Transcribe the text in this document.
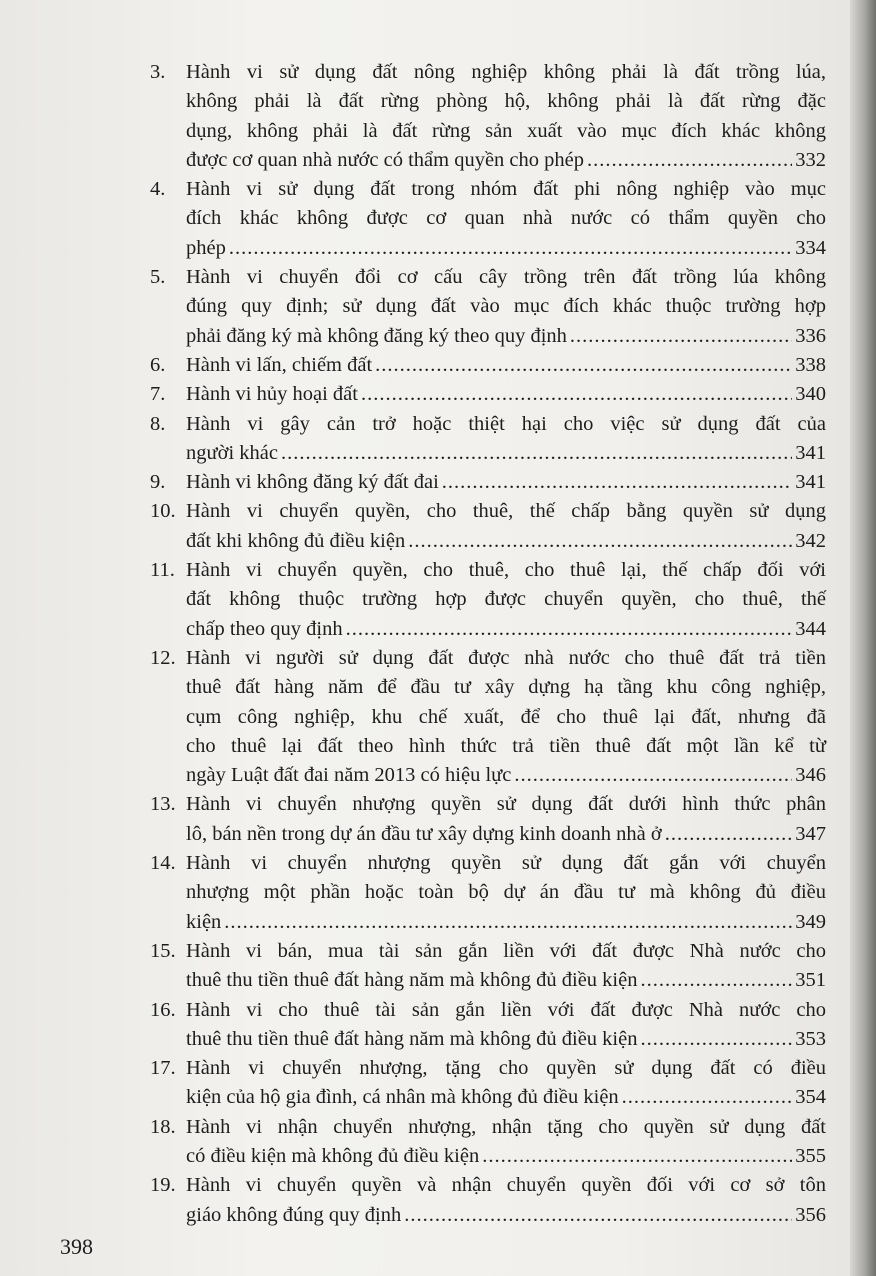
3. Hành vi sử dụng đất nông nghiệp không phải là đất trồng lúa,
không phải là đất rừng phòng hộ, không phải là đất rừng đặc
dụng, không phải là đất rừng sản xuất vào mục đích khác không
được cơ quan nhà nước có thẩm quyền cho phép .....	332
4. Hành vi sử dụng đất trong nhóm đất phi nông nghiệp vào mục
đích khác không được cơ quan nhà nước có thẩm quyền cho
phép .....	334
5. Hành vi chuyển đổi cơ cấu cây trồng trên đất trồng lúa không
đúng quy định; sử dụng đất vào mục đích khác thuộc trường hợp
phải đăng ký mà không đăng ký theo quy định .....	336
6. Hành vi lấn, chiếm đất .....	338
7. Hành vi hủy hoại đất .....	340
8. Hành vi gây cản trở hoặc thiệt hại cho việc sử dụng đất của
người khác .....	341
9. Hành vi không đăng ký đất đai .....	341
10. Hành vi chuyển quyền, cho thuê, thế chấp bằng quyền sử dụng
đất khi không đủ điều kiện .....	342
11. Hành vi chuyển quyền, cho thuê, cho thuê lại, thế chấp đối với
đất không thuộc trường hợp được chuyển quyền, cho thuê, thế
chấp theo quy định .....	344
12. Hành vi người sử dụng đất được nhà nước cho thuê đất trả tiền
thuê đất hàng năm để đầu tư xây dựng hạ tầng khu công nghiệp,
cụm công nghiệp, khu chế xuất, để cho thuê lại đất, nhưng đã
cho thuê lại đất theo hình thức trả tiền thuê đất một lần kể từ
ngày Luật đất đai năm 2013 có hiệu lực .....	346
13. Hành vi chuyển nhượng quyền sử dụng đất dưới hình thức phân
lô, bán nền trong dự án đầu tư xây dựng kinh doanh nhà ở .....	347
14. Hành vi chuyển nhượng quyền sử dụng đất gắn với chuyển
nhượng một phần hoặc toàn bộ dự án đầu tư mà không đủ điều
kiện .....	349
15. Hành vi bán, mua tài sản gắn liền với đất được Nhà nước cho
thuê thu tiền thuê đất hàng năm mà không đủ điều kiện .....	351
16. Hành vi cho thuê tài sản gắn liền với đất được Nhà nước cho
thuê thu tiền thuê đất hàng năm mà không đủ điều kiện .....	353
17. Hành vi chuyển nhượng, tặng cho quyền sử dụng đất có điều
kiện của hộ gia đình, cá nhân mà không đủ điều kiện .....	354
18. Hành vi nhận chuyển nhượng, nhận tặng cho quyền sử dụng đất
có điều kiện mà không đủ điều kiện .....	355
19. Hành vi chuyển quyền và nhận chuyển quyền đối với cơ sở tôn
giáo không đúng quy định .....	356
398
